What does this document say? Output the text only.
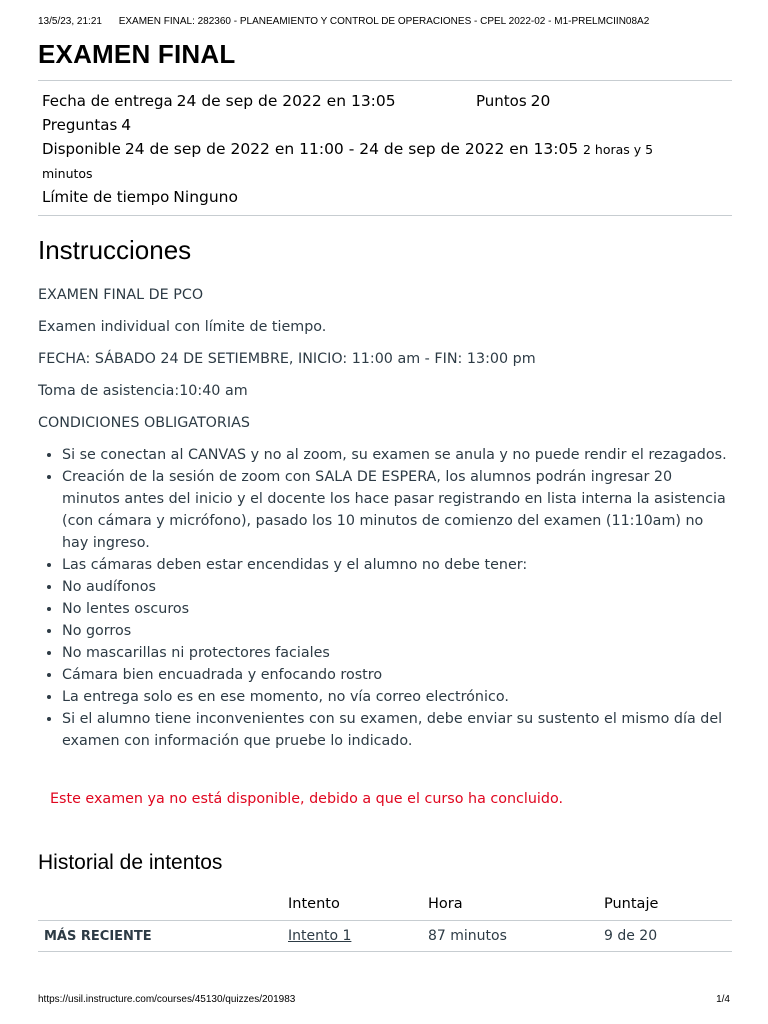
13/5/23, 21:21	EXAMEN FINAL: 282360 - PLANEAMIENTO Y CONTROL DE OPERACIONES - CPEL 2022-02 - M1-PRELMCIIN08A2
EXAMEN FINAL
Fecha de entrega 24 de sep de 2022 en 13:05	Puntos 20
Preguntas 4
Disponible 24 de sep de 2022 en 11:00 - 24 de sep de 2022 en 13:05 2 horas y 5
minutos
Límite de tiempo Ninguno
Instrucciones

EXAMEN FINAL DE PCO

Examen individual con límite de tiempo.

FECHA: SÁBADO 24 DE SETIEMBRE, INICIO: 11:00 am - FIN: 13:00 pm

Toma de asistencia:10:40 am

CONDICIONES OBLIGATORIAS

• Si se conectan al CANVAS y no al zoom, su examen se anula y no puede rendir el rezagados.
• Creación de la sesión de zoom con SALA DE ESPERA, los alumnos podrán ingresar 20 minutos antes del inicio y el docente los hace pasar registrando en lista interna la asistencia (con cámara y micrófono), pasado los 10 minutos de comienzo del examen (11:10am) no hay ingreso.
• Las cámaras deben estar encendidas y el alumno no debe tener:
• No audífonos
• No lentes oscuros
• No gorros
• No mascarillas ni protectores faciales
• Cámara bien encuadrada y enfocando rostro
• La entrega solo es en ese momento, no vía correo electrónico.
• Si el alumno tiene inconvenientes con su examen, debe enviar su sustento el mismo día del examen con información que pruebe lo indicado.
Este examen ya no está disponible, debido a que el curso ha concluido.
Historial de intentos
	Intento	Hora	Puntaje
MÁS RECIENTE	Intento 1	87 minutos	9 de 20
https://usil.instructure.com/courses/45130/quizzes/201983	1/4
